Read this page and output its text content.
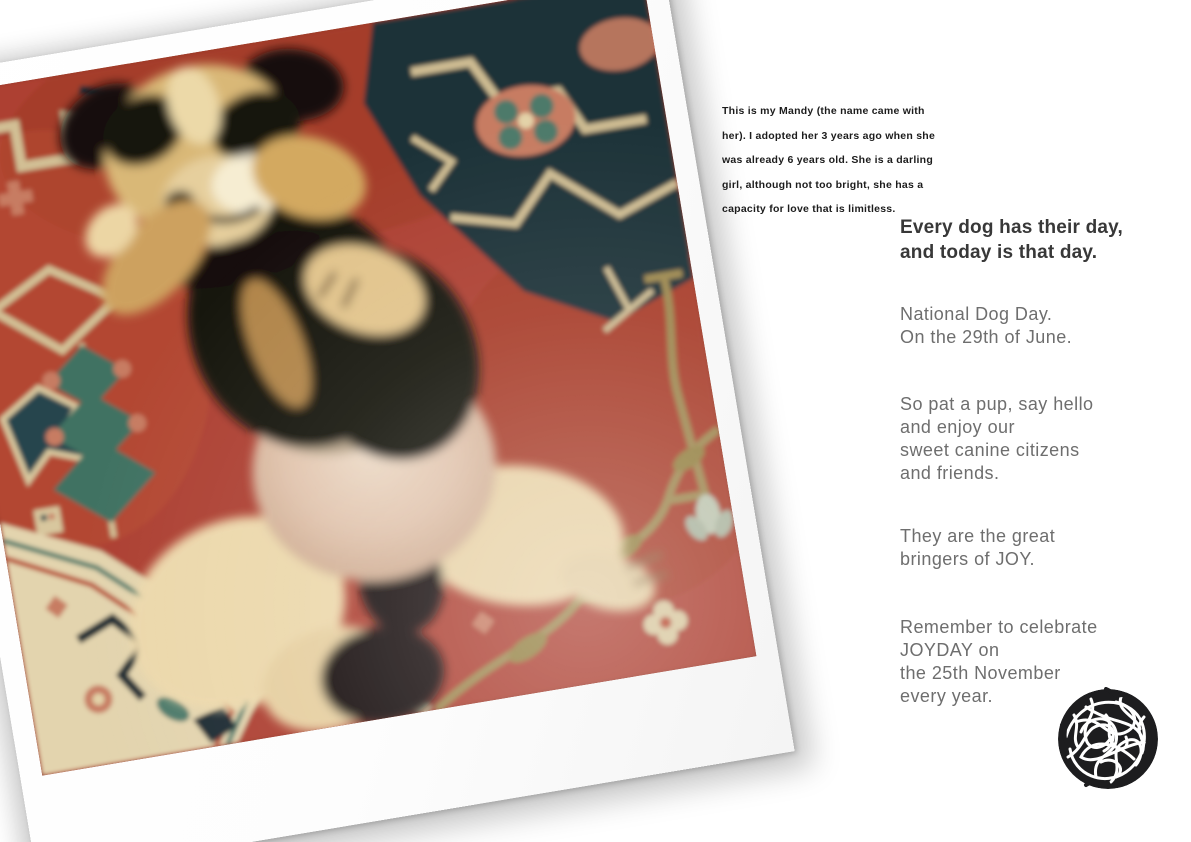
This is my Mandy (the name came with
her). I adopted her 3 years ago when she
was already 6 years old. She is a darling
girl, although not too bright, she has a
capacity for love that is limitless.
Every dog has their day,
and today is that day.
National Dog Day.
On the 29th of June.
So pat a pup, say hello
and enjoy our
sweet canine citizens
and friends.
They are the great
bringers of JOY.
Remember to celebrate
JOYDAY on
the 25th November
every year.
